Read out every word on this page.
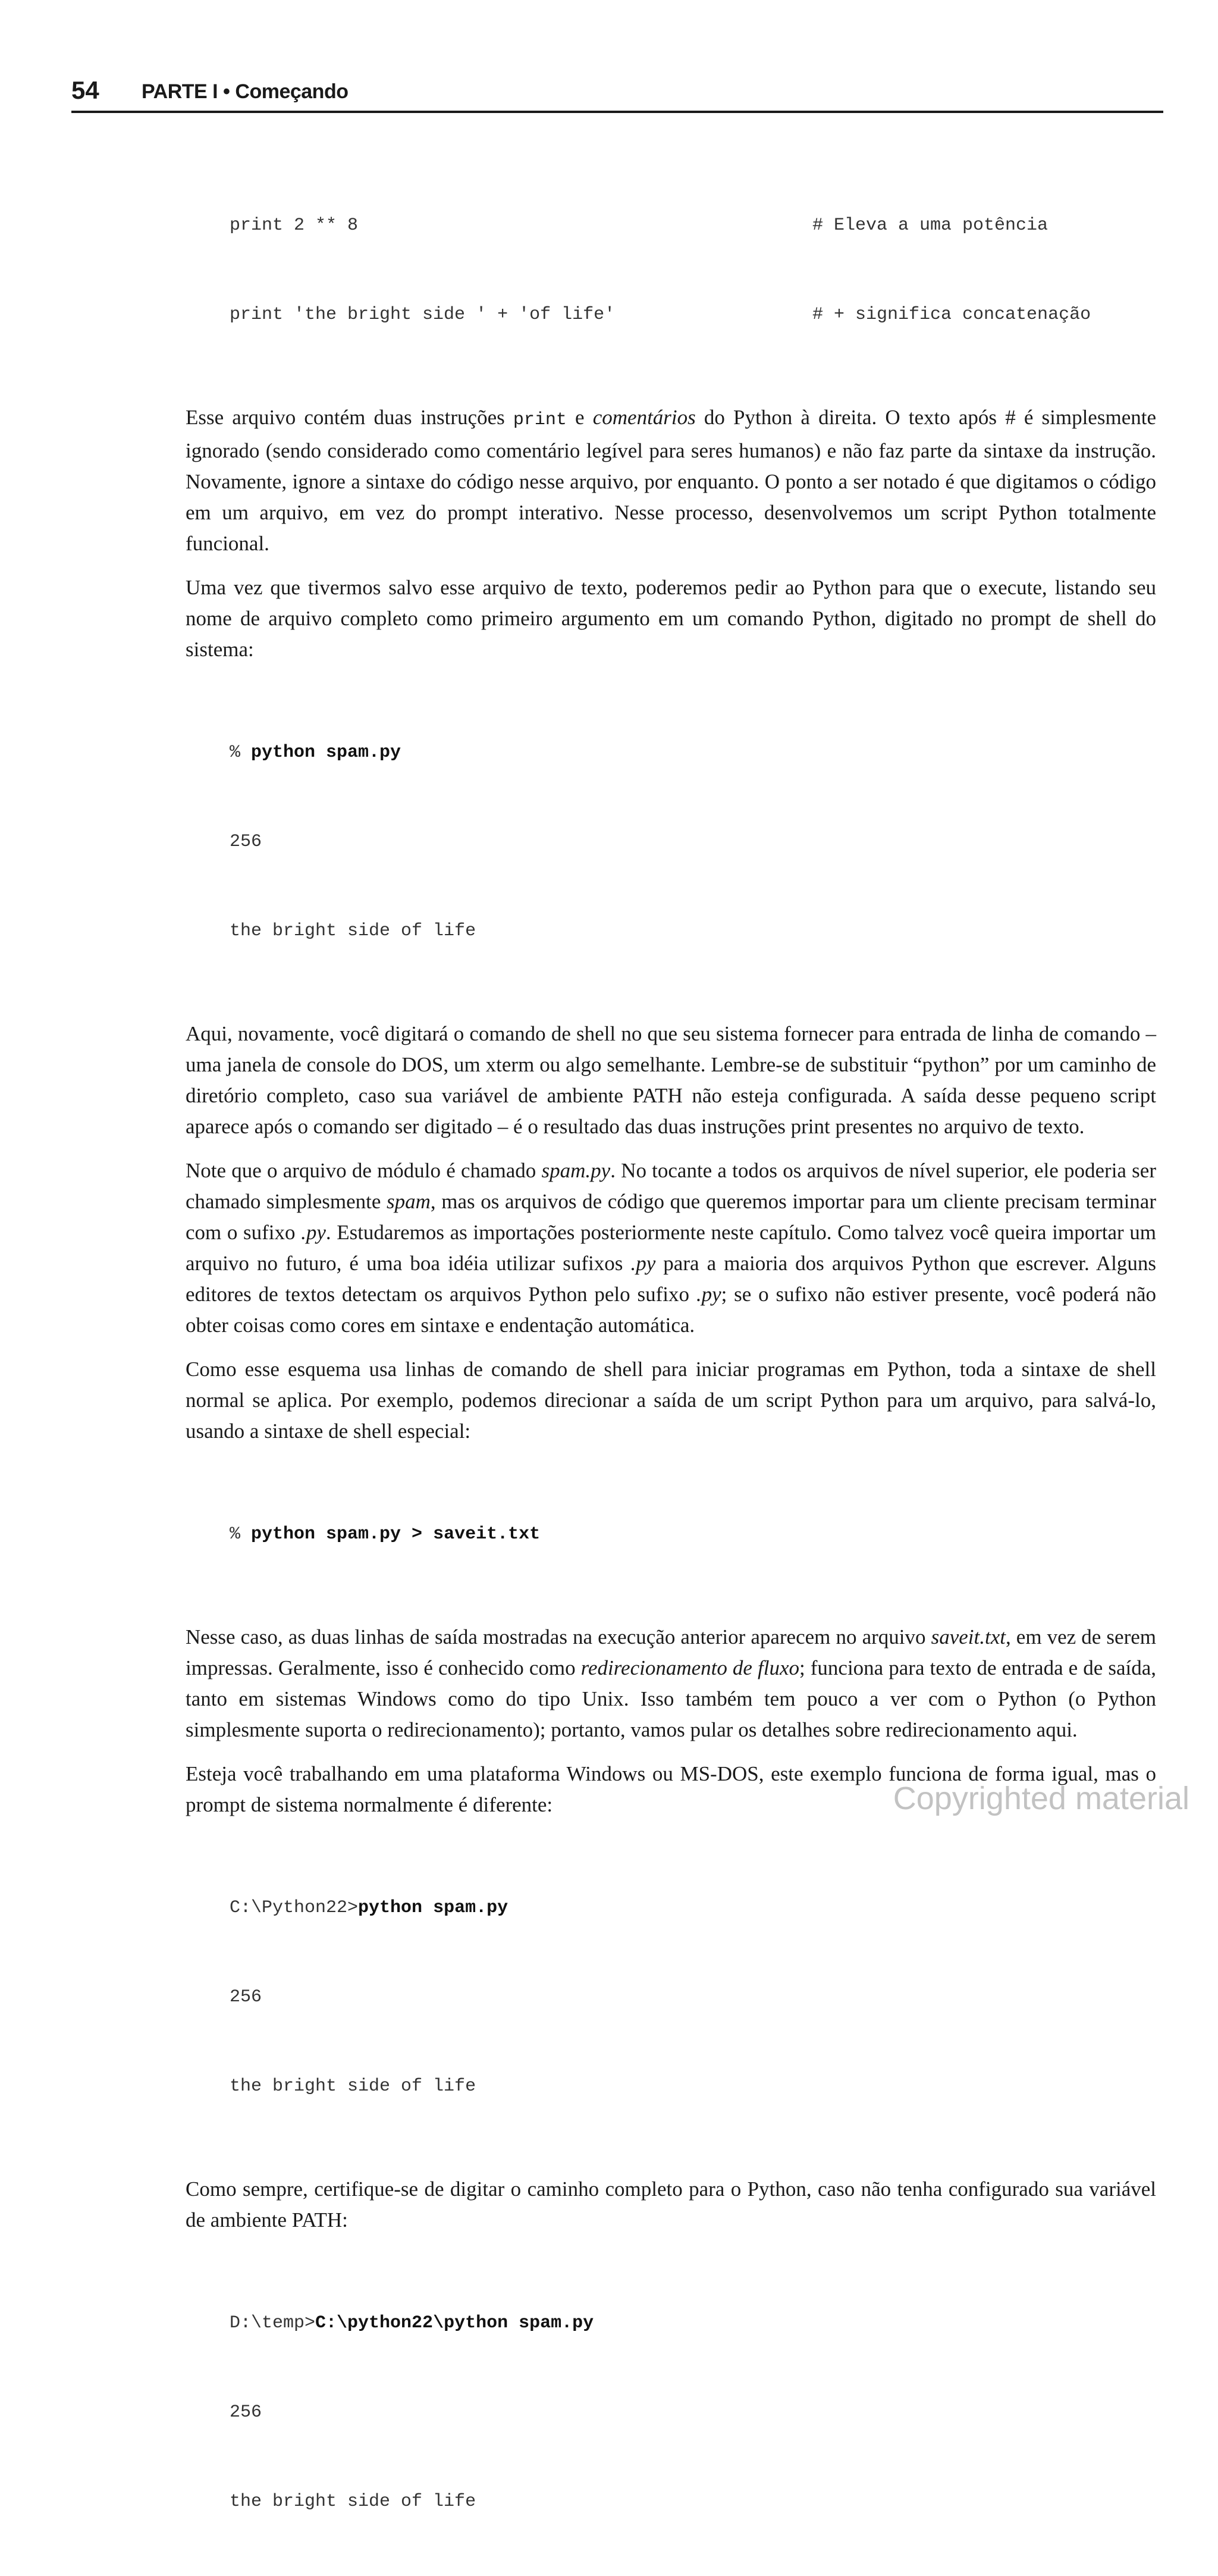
54 PARTE I • Começando

print 2 ** 8	# Eleva a uma potência

print 'the bright side ' + 'of life'	# + significa concatenação

Esse arquivo contém duas instruções print e comentários do Python à direita. O texto após # é simplesmente ignorado (sendo considerado como comentário legível para seres humanos) e não faz parte da sintaxe da instrução. Novamente, ignore a sintaxe do código nesse arquivo, por enquanto. O ponto a ser notado é que digitamos o código em um arquivo, em vez do prompt interativo. Nesse processo, desenvolvemos um script Python totalmente funcional.

Uma vez que tivermos salvo esse arquivo de texto, poderemos pedir ao Python para que o execute, listando seu nome de arquivo completo como primeiro argumento em um comando Python, digitado no prompt de shell do sistema:

% python spam.py

256

the bright side of life

Aqui, novamente, você digitará o comando de shell no que seu sistema fornecer para entrada de linha de comando – uma janela de console do DOS, um xterm ou algo semelhante. Lembre-se de substituir “python” por um caminho de diretório completo, caso sua variável de ambiente PATH não esteja configurada. A saída desse pequeno script aparece após o comando ser digitado – é o resultado das duas instruções print presentes no arquivo de texto.

Note que o arquivo de módulo é chamado spam.py. No tocante a todos os arquivos de nível superior, ele poderia ser chamado simplesmente spam, mas os arquivos de código que queremos importar para um cliente precisam terminar com o sufixo .py. Estudaremos as importações posteriormente neste capítulo. Como talvez você queira importar um arquivo no futuro, é uma boa idéia utilizar sufixos .py para a maioria dos arquivos Python que escrever. Alguns editores de textos detectam os arquivos Python pelo sufixo .py; se o sufixo não estiver presente, você poderá não obter coisas como cores em sintaxe e endentação automática.

Como esse esquema usa linhas de comando de shell para iniciar programas em Python, toda a sintaxe de shell normal se aplica. Por exemplo, podemos direcionar a saída de um script Python para um arquivo, para salvá-lo, usando a sintaxe de shell especial:

% python spam.py > saveit.txt

Nesse caso, as duas linhas de saída mostradas na execução anterior aparecem no arquivo saveit.txt, em vez de serem impressas. Geralmente, isso é conhecido como redirecionamento de fluxo; funciona para texto de entrada e de saída, tanto em sistemas Windows como do tipo Unix. Isso também tem pouco a ver com o Python (o Python simplesmente suporta o redirecionamento); portanto, vamos pular os detalhes sobre redirecionamento aqui.

Esteja você trabalhando em uma plataforma Windows ou MS-DOS, este exemplo funciona de forma igual, mas o prompt de sistema normalmente é diferente:

C:\Python22>python spam.py

256

the bright side of life

Como sempre, certifique-se de digitar o caminho completo para o Python, caso não tenha configurado sua variável de ambiente PATH:

D:\temp>C:\python22\python spam.py

256

the bright side of life

Copyrighted material
